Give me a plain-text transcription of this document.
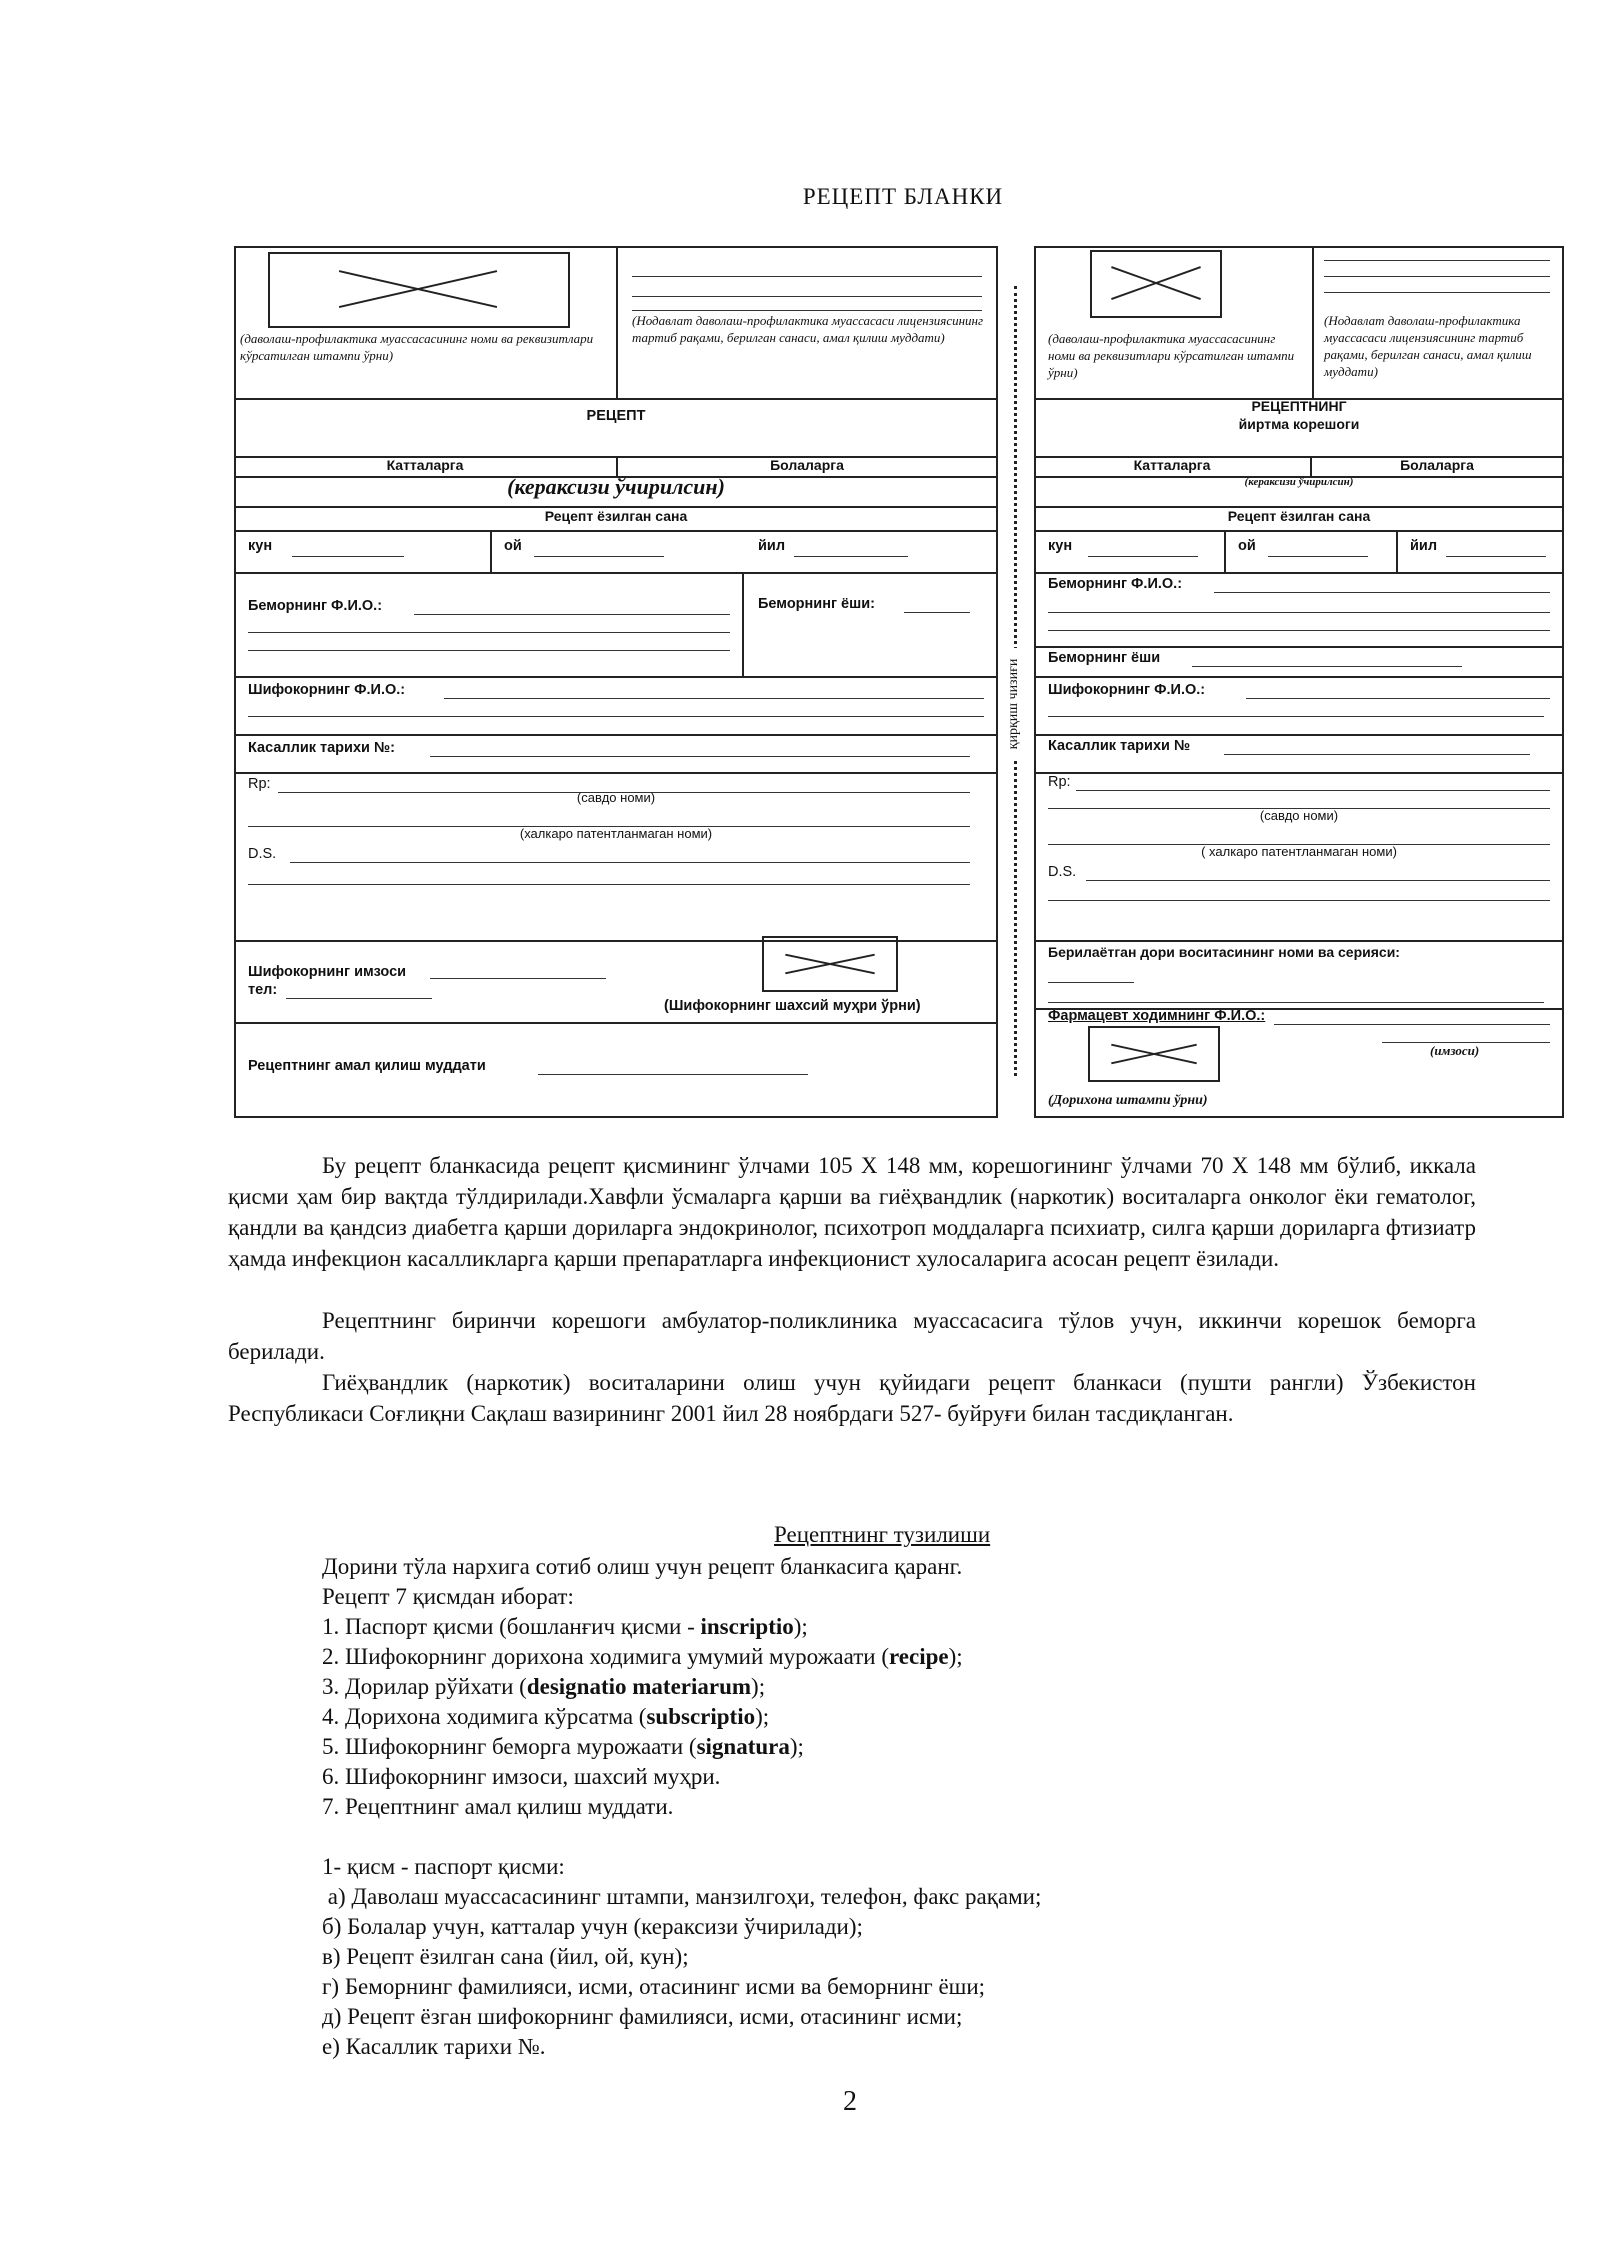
РЕЦЕПТ БЛАНКИ
(даволаш-профилактика муассасасининг номи ва реквизитлари кўрсатилган штампи ўрни)
(Нодавлат даволаш-профилактика муассасаси лицензиясининг тартиб рақами, берилган санаси, амал қилиш муддати)
РЕЦЕПТ
Катталарга	Болаларга
(кераксизи ўчирилсин)
Рецепт ёзилган сана
кун	ой	йил
Беморнинг Ф.И.О.:	Беморнинг ёши:
Шифокорнинг Ф.И.О.:
Касаллик тарихи №:
Rp:
(савдо номи)
(халкаро патентланмаган номи)
D.S.
Шифокорнинг имзоси
тел:
(Шифокорнинг шахсий муҳри ўрни)
Рецептнинг амал қилиш муддати
қирқиш чизиғи
(даволаш-профилактика муассасасининг номи ва реквизитлари кўрсатилган штампи ўрни)
(Нодавлат даволаш-профилактика муассасаси лицензиясининг тартиб рақами, берилган санаси, амал қилиш муддати)
РЕЦЕПТНИНГ
йиртма корешоги
Катталарга	Болаларга
(кераксизи ўчирилсин)
Рецепт ёзилган сана
кун	ой	йил
Беморнинг Ф.И.О.:
Беморнинг ёши
Шифокорнинг Ф.И.О.:
Касаллик тарихи №
Rp:
(савдо номи)
( халкаро патентланмаган номи)
D.S.
Берилаётган дори воситасининг номи ва серияси:
Фармацевт ходимнинг Ф.И.О.:
(имзоси)
(Дорихона штампи ўрни)
Бу рецепт бланкасида рецепт қисмининг ўлчами 105 Х 148 мм, корешогининг ўлчами 70 Х 148 мм бўлиб, иккала қисми ҳам бир вақтда тўлдирилади.Хавфли ўсмаларга қарши ва гиёҳвандлик (наркотик) воситаларга онколог ёки гематолог, қандли ва қандсиз диабетга қарши дориларга эндокринолог, психотроп моддаларга психиатр, силга қарши дориларга фтизиатр ҳамда инфекцион касалликларга қарши препаратларга инфекционист хулосаларига асосан рецепт ёзилади.
Рецептнинг биринчи корешоги амбулатор-поликлиника муассасасига тўлов учун, иккинчи корешок беморга берилади.
Гиёҳвандлик (наркотик) воситаларини олиш учун қуйидаги рецепт бланкаси (пушти рангли) Ўзбекистон Республикаси Соғлиқни Сақлаш вазирининг 2001 йил 28 ноябрдаги 527- буйруғи билан тасдиқланган.
Рецептнинг тузилиши
Дорини тўла нархига сотиб олиш учун рецепт бланкасига қаранг.
Рецепт 7 қисмдан иборат:
1. Паспорт қисми (бошланғич қисми - inscriptio);
2. Шифокорнинг дорихона ходимига умумий мурожаати (recipe);
3. Дорилар рўйхати (designatio materiarum);
4. Дорихона ходимига кўрсатма (subscriptio);
5. Шифокорнинг беморга мурожаати (signatura);
6. Шифокорнинг имзоси, шахсий муҳри.
7. Рецептнинг амал қилиш муддати.
1- қисм - паспорт қисми:
а) Даволаш муассасасининг штампи, манзилгоҳи, телефон, факс рақами;
б) Болалар учун, катталар учун (кераксизи ўчирилади);
в) Рецепт ёзилган сана (йил, ой, кун);
г) Беморнинг фамилияси, исми, отасининг исми ва беморнинг ёши;
д) Рецепт ёзган шифокорнинг фамилияси, исми, отасининг исми;
е) Касаллик тарихи №.
2
